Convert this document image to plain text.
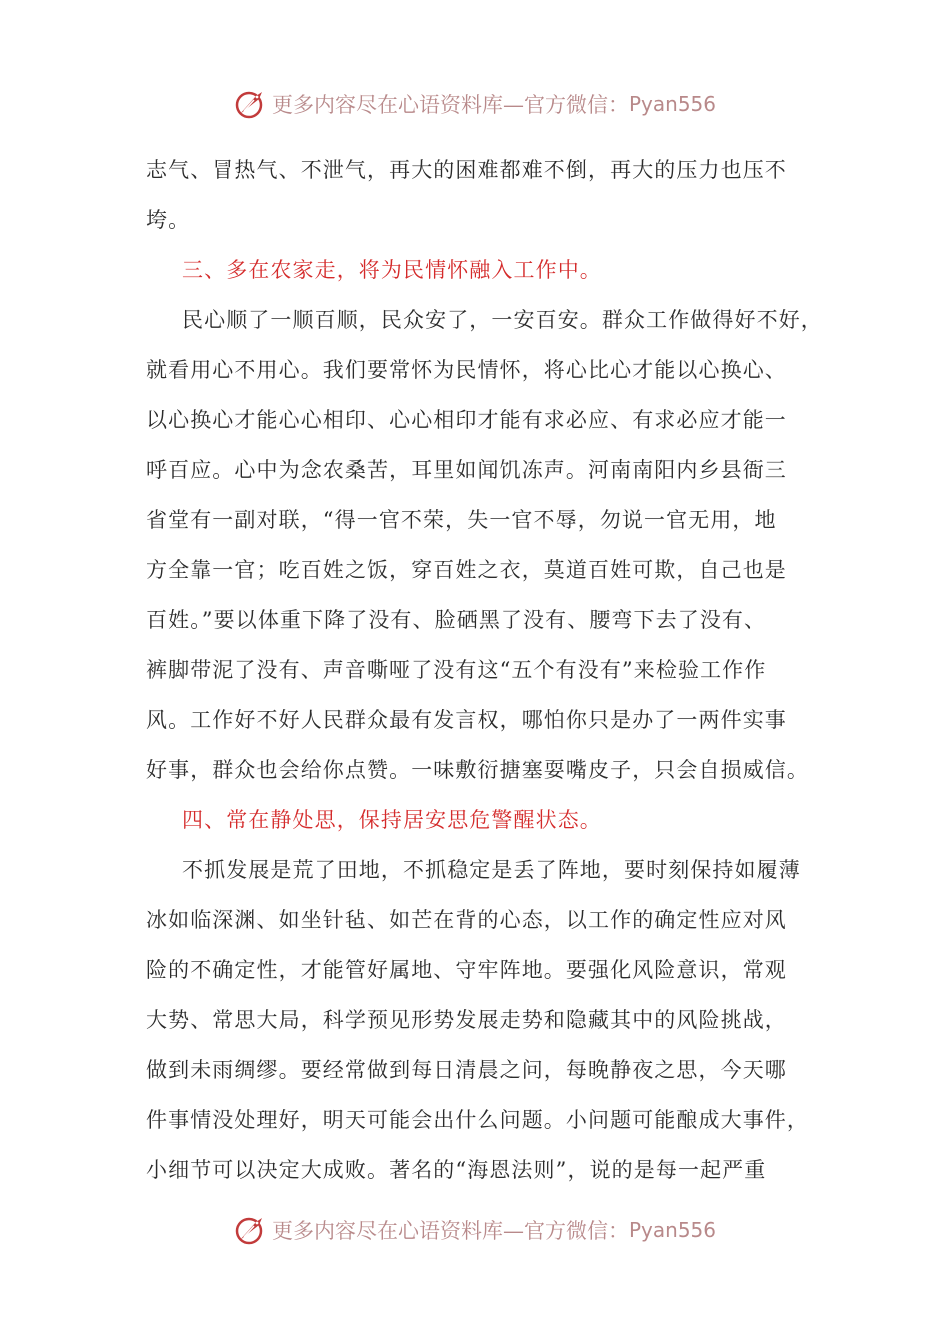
更多内容尽在心语资料库—官方微信： Pyan556
志气、冒热气、不泄气，再大的困难都难不倒，再大的压力也压不
垮。
三、多在农家走，将为民情怀融入工作中。
民心顺了一顺百顺，民众安了，一安百安。群众工作做得好不好，
就看用心不用心。我们要常怀为民情怀，将心比心才能以心换心、
以心换心才能心心相印、心心相印才能有求必应、有求必应才能一
呼百应。心中为念农桑苦，耳里如闻饥冻声。河南南阳内乡县衙三
省堂有一副对联，“得一官不荣，失一官不辱，勿说一官无用，地
方全靠一官；吃百姓之饭，穿百姓之衣，莫道百姓可欺，自己也是
百姓。”要以体重下降了没有、脸硒黑了没有、腰弯下去了没有、
裤脚带泥了没有、声音嘶哑了没有这“五个有没有”来检验工作作
风。工作好不好人民群众最有发言权，哪怕你只是办了一两件实事
好事，群众也会给你点赞。一味敷衍搪塞耍嘴皮子，只会自损威信。
四、常在静处思，保持居安思危警醒状态。
不抓发展是荒了田地，不抓稳定是丢了阵地，要时刻保持如履薄
冰如临深渊、如坐针毡、如芒在背的心态，以工作的确定性应对风
险的不确定性，才能管好属地、守牢阵地。要强化风险意识，常观
大势、常思大局，科学预见形势发展走势和隐藏其中的风险挑战，
做到未雨绸缪。要经常做到每日清晨之问，每晚静夜之思，今天哪
件事情没处理好，明天可能会出什么问题。小问题可能酿成大事件，
小细节可以决定大成败。著名的“海恩法则”，说的是每一起严重
更多内容尽在心语资料库—官方微信： Pyan556
